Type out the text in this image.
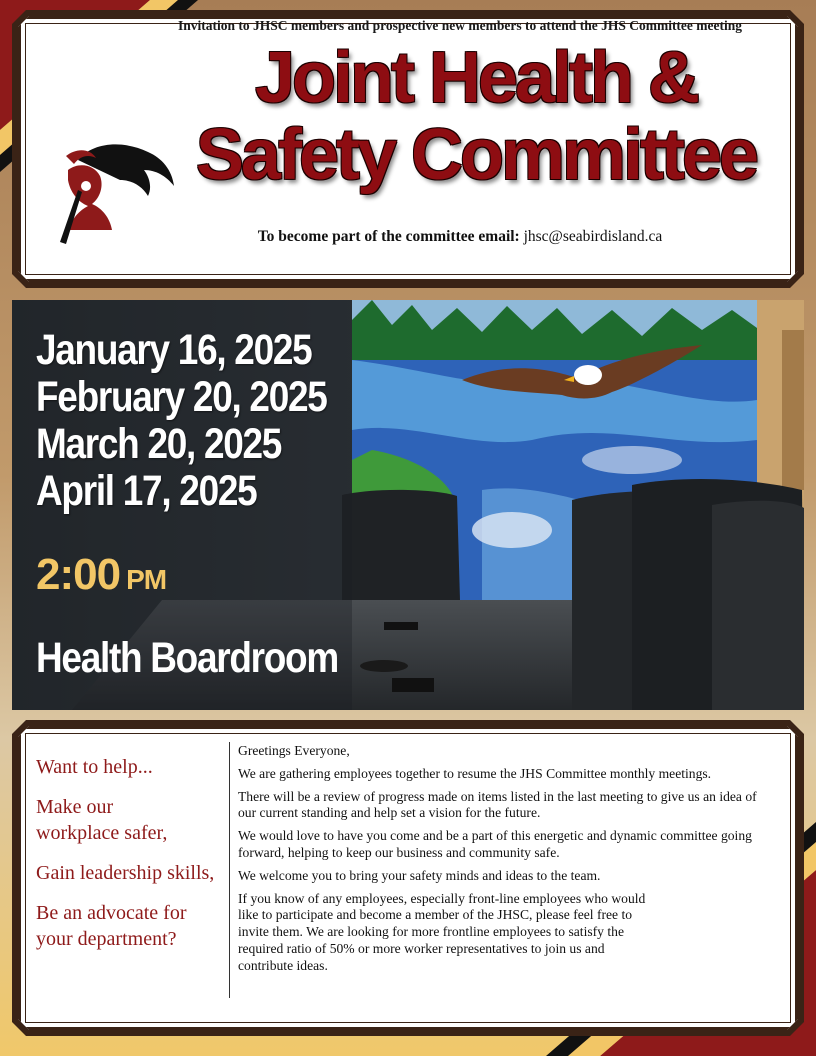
Invitation to JHSC members and prospective new members to attend the JHS Committee meeting
Joint Health &
Safety Committee
To become part of the committee email: jhsc@seabirdisland.ca
January 16, 2025
February 20, 2025
March 20, 2025
April 17, 2025
2:00 PM
Health Boardroom
Want to help...
Make our workplace safer,
Gain leadership skills,
Be an advocate for your department?

Greetings Everyone,

We are gathering employees together to resume the JHS Committee monthly meetings.

There will be a review of progress made on items listed in the last meeting to give us an idea of our current standing and help set a vision for the future.

We would love to have you come and be a part of this energetic and dynamic committee going forward, helping to keep our business and community safe.

We welcome you to bring your safety minds and ideas to the team.

If you know of any employees, especially front-line employees who would like to participate and become a member of the JHSC, please feel free to invite them. We are looking for more frontline employees to satisfy the required ratio of 50% or more worker representatives to join us and contribute ideas.
